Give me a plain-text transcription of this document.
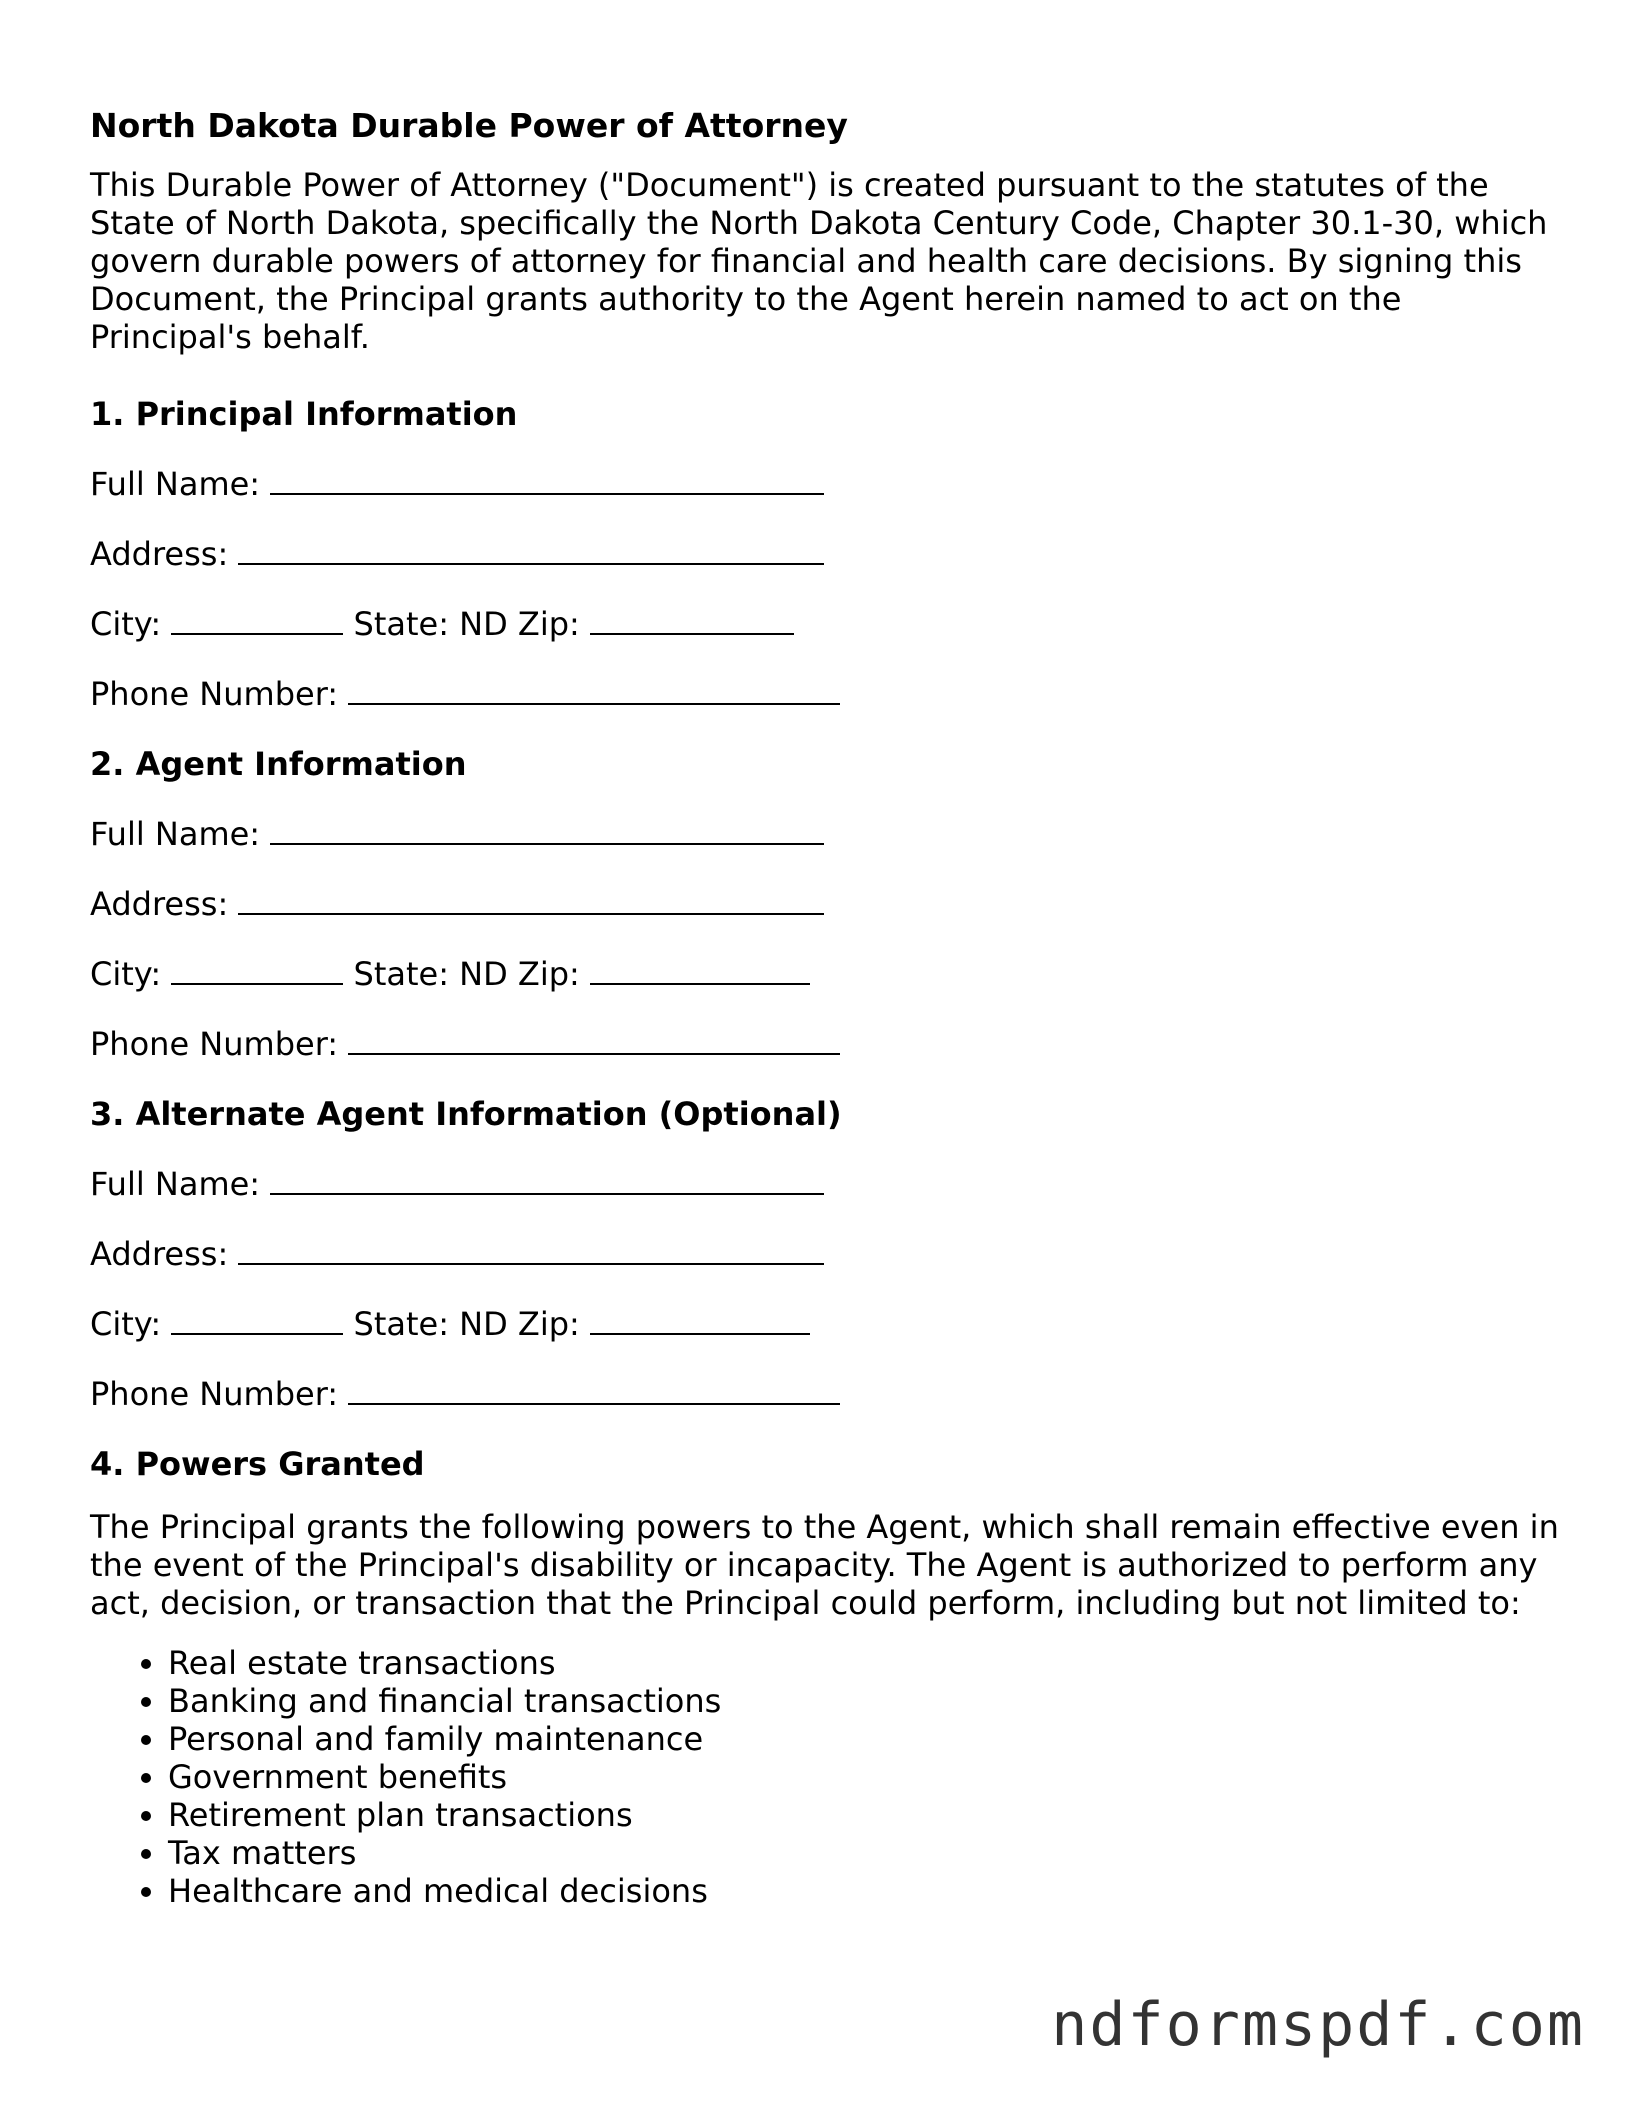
North Dakota Durable Power of Attorney
This Durable Power of Attorney ("Document") is created pursuant to the statutes of the State of North Dakota, specifically the North Dakota Century Code, Chapter 30.1-30, which govern durable powers of attorney for financial and health care decisions. By signing this Document, the Principal grants authority to the Agent herein named to act on the Principal's behalf.
1. Principal Information
Full Name:
Address:
City:	State: ND Zip:
Phone Number:
2. Agent Information
Full Name:
Address:
City:	State: ND Zip:
Phone Number:
3. Alternate Agent Information (Optional)
Full Name:
Address:
City:	State: ND Zip:
Phone Number:
4. Powers Granted
The Principal grants the following powers to the Agent, which shall remain effective even in the event of the Principal's disability or incapacity. The Agent is authorized to perform any act, decision, or transaction that the Principal could perform, including but not limited to:
• Real estate transactions
• Banking and financial transactions
• Personal and family maintenance
• Government benefits
• Retirement plan transactions
• Tax matters
• Healthcare and medical decisions
ndformspdf.com
